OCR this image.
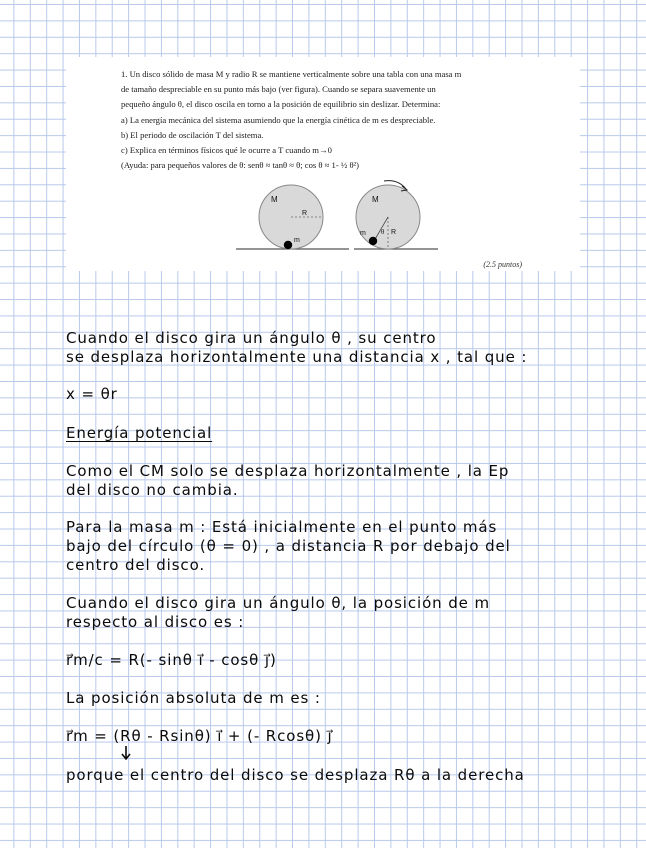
1. Un disco sólido de masa M y radio R se mantiene verticalmente sobre una tabla con una masa m

de tamaño despreciable en su punto más bajo (ver figura). Cuando se separa suavemente un

pequeño ángulo θ, el disco oscila en torno a la posición de equilibrio sin deslizar. Determina:

a) La energía mecánica del sistema asumiendo que la energía cinética de m es despreciable.

b) El periodo de oscilación T del sistema.

c) Explica en términos físicos qué le ocurre a T cuando m→0

(Ayuda: para pequeños valores de θ: senθ ≈ tanθ ≈ θ; cos θ ≈ 1- ½ θ²)

M
R
m
M
m θ R
(2.5 puntos)
Cuando el disco gira un ángulo θ , su centro
se desplaza horizontalmente una distancia x , tal que :
x = θr
Energía potencial
Como el CM solo se desplaza horizontalmente , la Ep
del disco no cambia.
Para la masa m : Está inicialmente en el punto más
bajo del círculo (θ = 0) , a distancia R por debajo del
centro del disco.
Cuando el disco gira un ángulo θ, la posición de m
respecto al disco es :
r⃗m/c = R(- sinθ i⃗ - cosθ j⃗)
La posición absoluta de m es :
r⃗m = (Rθ - Rsinθ) i⃗ + (- Rcosθ) j⃗
porque el centro del disco se desplaza Rθ a la derecha
